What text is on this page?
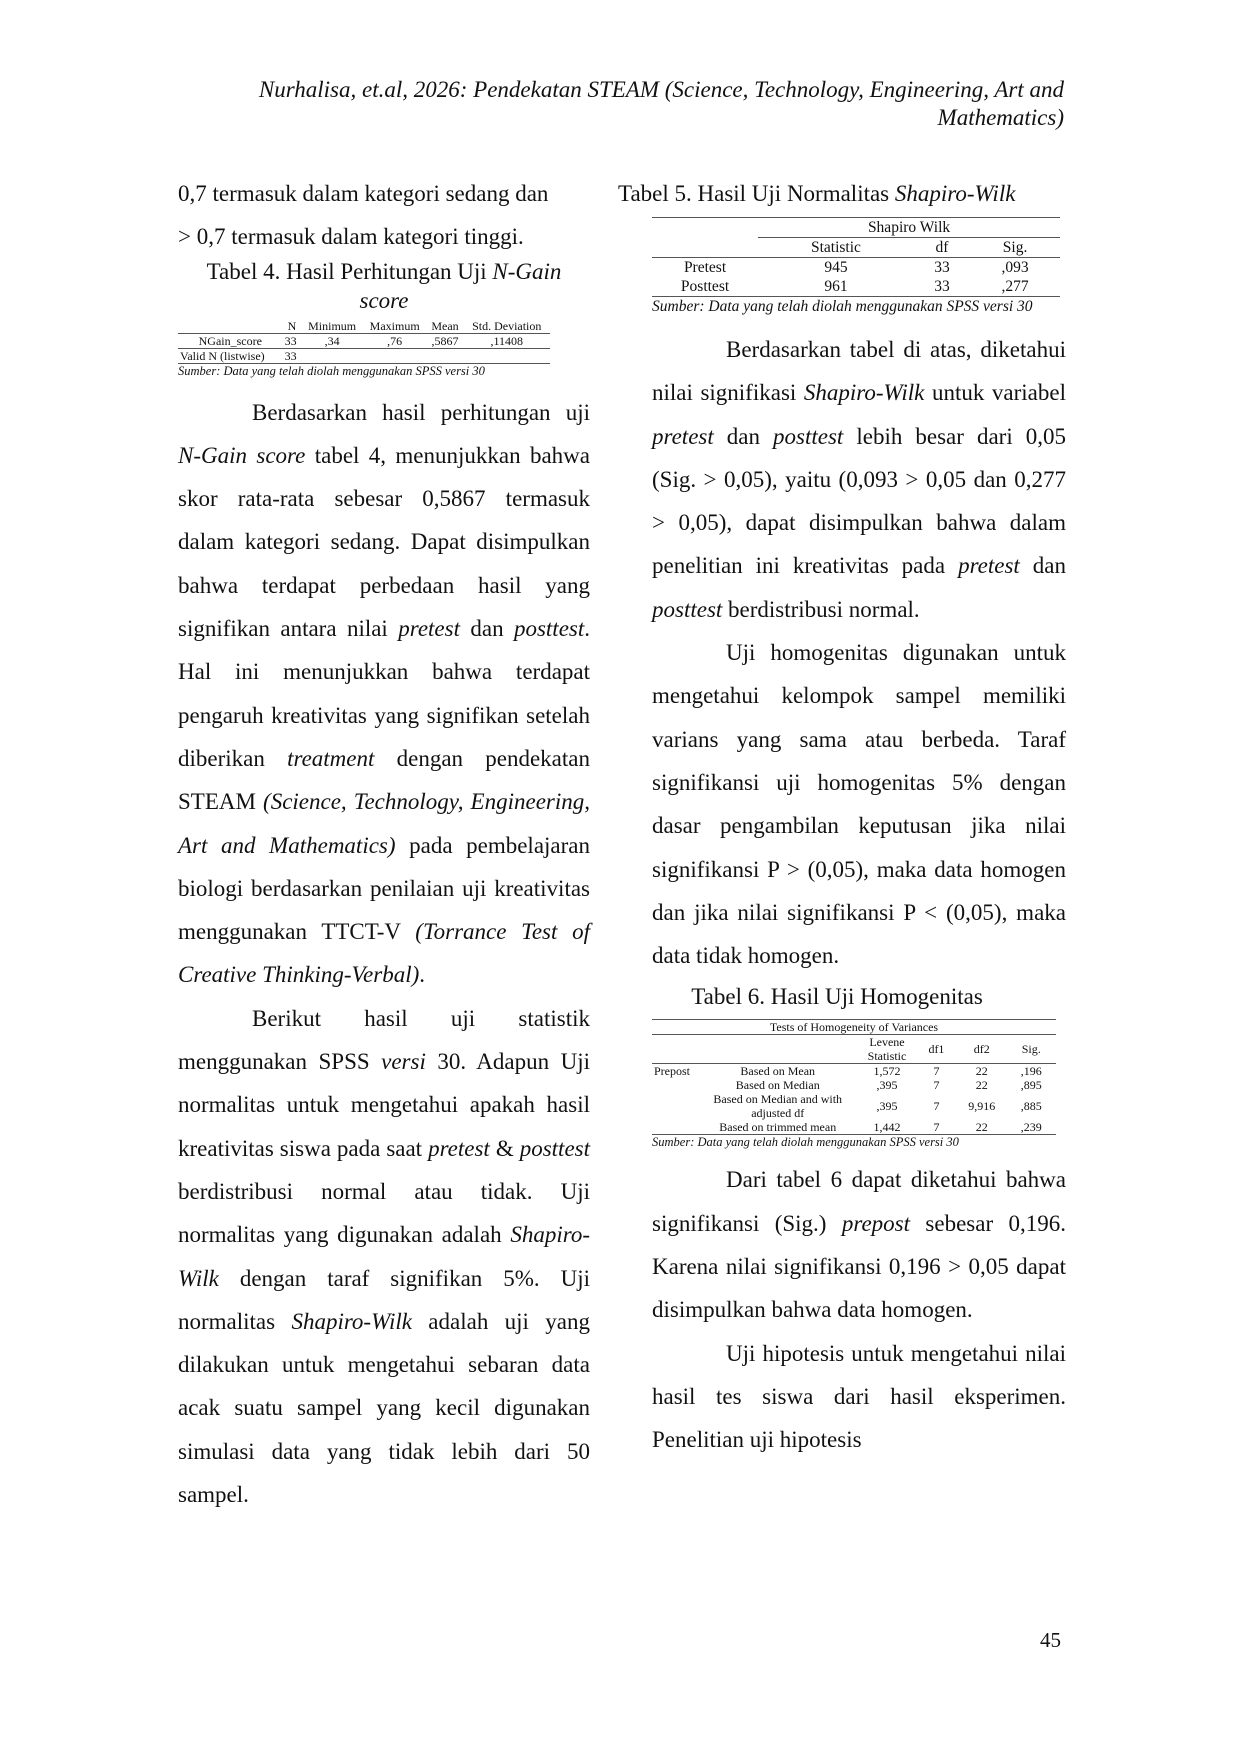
Nurhalisa, et.al, 2026: Pendekatan STEAM (Science, Technology, Engineering, Art and
Mathematics)

0,7 termasuk dalam kategori sedang dan

> 0,7 termasuk dalam kategori tinggi.

Tabel 4. Hasil Perhitungan Uji N-Gain
score
	N	Minimum	Maximum	Mean	Std. Deviation
NGain_score	33	,34	,76	,5867	,11408
Valid N (listwise)	33				
Sumber: Data yang telah diolah menggunakan SPSS versi 30

Berdasarkan hasil perhitungan uji N-Gain score tabel 4, menunjukkan bahwa skor rata-rata sebesar 0,5867 termasuk dalam kategori sedang. Dapat disimpulkan bahwa terdapat perbedaan hasil yang signifikan antara nilai pretest dan posttest. Hal ini menunjukkan bahwa terdapat pengaruh kreativitas yang signifikan setelah diberikan treatment dengan pendekatan STEAM (Science, Technology, Engineering, Art and Mathematics) pada pembelajaran biologi berdasarkan penilaian uji kreativitas menggunakan TTCT-V (Torrance Test of Creative Thinking-Verbal).

Berikut hasil uji statistik menggunakan SPSS versi 30. Adapun Uji normalitas untuk mengetahui apakah hasil kreativitas siswa pada saat pretest & posttest berdistribusi normal atau tidak. Uji normalitas yang digunakan adalah Shapiro-Wilk dengan taraf signifikan 5%. Uji normalitas Shapiro-Wilk adalah uji yang dilakukan untuk mengetahui sebaran data acak suatu sampel yang kecil digunakan simulasi data yang tidak lebih dari 50 sampel.

Tabel 5. Hasil Uji Normalitas Shapiro-Wilk
	Shapiro Wilk		
	Statistic	df	Sig.
Pretest	945	33	,093
Posttest	961	33	,277
Sumber: Data yang telah diolah menggunakan SPSS versi 30

Berdasarkan tabel di atas, diketahui nilai signifikasi Shapiro-Wilk untuk variabel pretest dan posttest lebih besar dari 0,05 (Sig. > 0,05), yaitu (0,093 > 0,05 dan 0,277 > 0,05), dapat disimpulkan bahwa dalam penelitian ini kreativitas pada pretest dan posttest berdistribusi normal.

Uji homogenitas digunakan untuk mengetahui kelompok sampel memiliki varians yang sama atau berbeda. Taraf signifikansi uji homogenitas 5% dengan dasar pengambilan keputusan jika nilai signifikansi P > (0,05), maka data homogen dan jika nilai signifikansi P < (0,05), maka data tidak homogen.

Tabel 6. Hasil Uji Homogenitas
Tests of Homogeneity of Variances					
		Levene Statistic	df1	df2	Sig.
Prepost	Based on Mean	1,572	7	22	,196
	Based on Median	,395	7	22	,895
	Based on Median and with adjusted df	,395	7	9,916	,885
	Based on trimmed mean	1,442	7	22	,239
Sumber: Data yang telah diolah menggunakan SPSS versi 30

Dari tabel 6 dapat diketahui bahwa signifikansi (Sig.) prepost sebesar 0,196. Karena nilai signifikansi 0,196 > 0,05 dapat disimpulkan bahwa data homogen.

Uji hipotesis untuk mengetahui nilai hasil tes siswa dari hasil eksperimen. Penelitian uji hipotesis

45
